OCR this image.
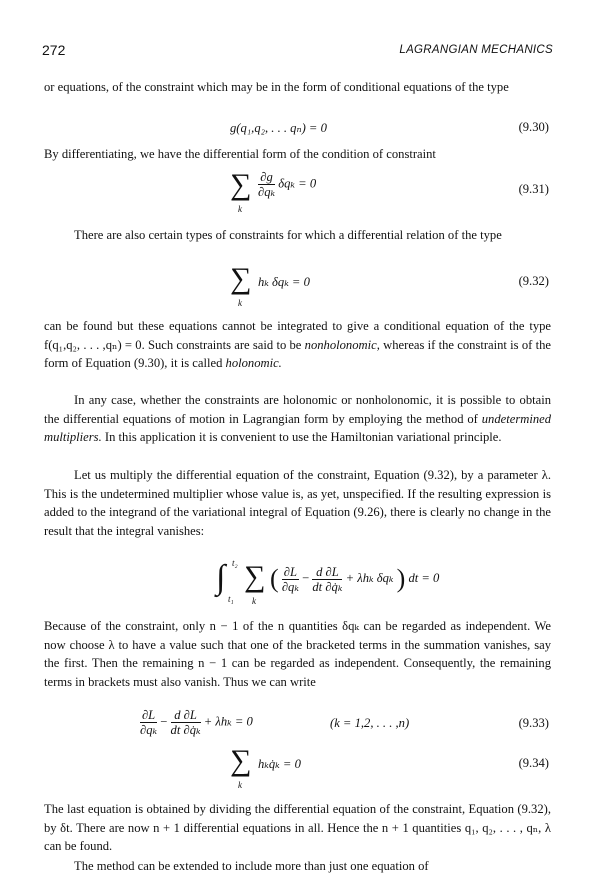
272	LAGRANGIAN MECHANICS

or equations, of the constraint which may be in the form of conditional equations of the type

g(q₁,q₂, . . . qₙ) = 0	(9.30)

By differentiating, we have the differential form of the condition of constraint

∑
k
$\frac{\partial g}{\text{∂qₖ}}$ δqₖ = 0	(9.31)

There are also certain types of constraints for which a differential relation of the type

∑
k
hₖ δqₖ = 0	(9.32)

can be found but these equations cannot be integrated to give a conditional equation of the type f(q₁,q₂, . . . ,qₙ) = 0. Such constraints are said to be nonholonomic, whereas if the constraint is of the form of Equation (9.30), it is called holonomic.

In any case, whether the constraints are holonomic or nonholonomic, it is possible to obtain the differential equations of motion in Lagrangian form by employing the method of undetermined multipliers. In this application it is convenient to use the Hamiltonian variational principle.

Let us multiply the differential equation of the constraint, Equation (9.32), by a parameter λ. This is the undetermined multiplier whose value is, as yet, unspecified. If the resulting expression is added to the integrand of the variational integral of Equation (9.26), there is clearly no change in the result that the integral vanishes:

∫ t₂
t₁
∑
k
( $\frac{\partial L}{\text{∂qₖ}} - \frac{d \partial L}{\text{dt ∂q̇ₖ}} + \lambda h_k$ δqₖ ) dt = 0

Because of the constraint, only n − 1 of the n quantities δqₖ can be regarded as independent. We now choose λ to have a value such that one of the bracketed terms in the summation vanishes, say the first. Then the remaining n − 1 can be regarded as independent. Consequently, the remaining terms in brackets must also vanish. Thus we can write

$\frac{\partial L}{\text{∂qₖ}} - \frac{d \partial L}{\text{dt ∂q̇ₖ}} + \lambda h_k = 0$	(k = 1,2, . . . ,n)	(9.33)
∑
k
hₖq̇ₖ = 0	(9.34)

The last equation is obtained by dividing the differential equation of the constraint, Equation (9.32), by δt. There are now n + 1 differential equations in all. Hence the n + 1 quantities q₁, q₂, . . . , qₙ, λ can be found.

The method can be extended to include more than just one equation of
